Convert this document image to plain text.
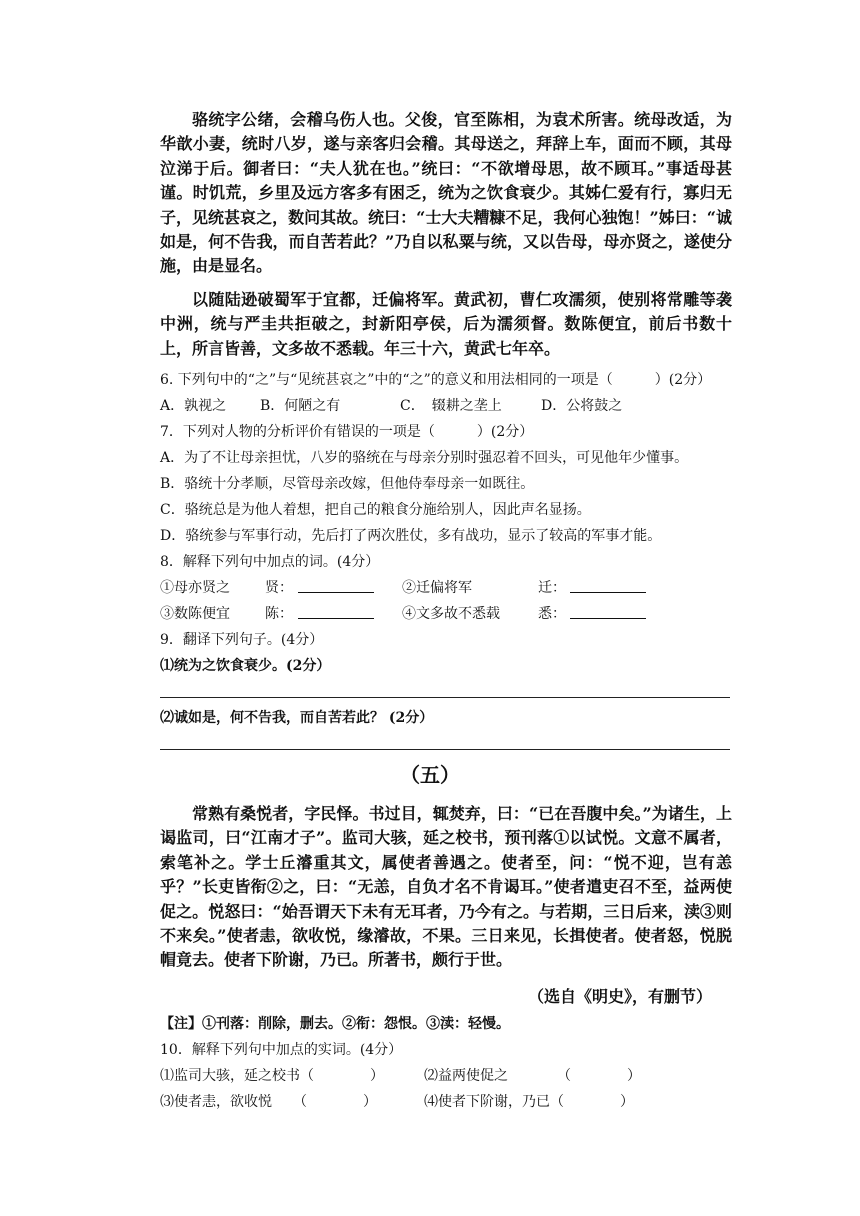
骆统字公绪，会稽乌伤人也。父俊，官至陈相，为袁术所害。统母改适，为华歆小妻，统时八岁，遂与亲客归会稽。其母送之，拜辞上车，面而不顾，其母泣涕于后。御者曰：“夫人犹在也。”统曰：“不欲增母思，故不顾耳。”事适母甚谨。时饥荒，乡里及远方客多有困乏，统为之饮食衰少。其姊仁爱有行，寡归无子，见统甚哀之，数问其故。统曰：“士大夫糟糠不足，我何心独饱！”姊曰：“诚如是，何不告我，而自苦若此？”乃自以私粟与统，又以告母，母亦贤之，遂使分施，由是显名。

以随陆逊破蜀军于宜都，迁偏将军。黄武初，曹仁攻濡须，使别将常雕等袭中洲，统与严圭共拒破之，封新阳亭侯，后为濡须督。数陈便宜，前后书数十上，所言皆善，文多故不悉载。年三十六，黄武七年卒。

6. 下列句中的“之”与“见统甚哀之”中的“之”的意义和用法相同的一项是（　　　）(2分）

A．孰视之 B．何陋之有	C．　辍耕之垄上	D．公将鼓之

7．下列对人物的分析评价有错误的一项是（　　　）(2分）

A．为了不让母亲担忧，八岁的骆统在与母亲分别时强忍着不回头，可见他年少懂事。

B．骆统十分孝顺，尽管母亲改嫁，但他侍奉母亲一如既往。

C．骆统总是为他人着想，把自己的粮食分施给别人，因此声名显扬。

D．骆统参与军事行动，先后打了两次胜仗，多有战功，显示了较高的军事才能。

8．解释下列句中加点的词。(4分）

①母亦贤之	贤：	②迁偏将军	迁：
③数陈便宜	陈：	④文多故不悉载	悉：

9．翻译下列句子。(4分）

⑴统为之饮食衰少。(2分）

⑵诚如是，何不告我，而自苦若此？ (2分）

（五）

常熟有桑悦者，字民怿。书过目，辄焚弃，曰：“已在吾腹中矣。”为诸生，上谒监司，曰“江南才子”。监司大骇，延之校书，预刊落①以试悦。文意不属者，索笔补之。学士丘濬重其文，属使者善遇之。使者至，问：“悦不迎，岂有恙乎？”长吏皆衔②之，曰：“无恙，自负才名不肯谒耳。”使者遣吏召不至，益两使促之。悦怒曰：“始吾谓天下未有无耳者，乃今有之。与若期，三日后来，渎③则不来矣。”使者恚，欲收悦，缘濬故，不果。三日来见，长揖使者。使者怒，悦脱帽竟去。使者下阶谢，乃已。所著书，颇行于世。

（选自《明史》，有删节）

【注】①刊落：削除，删去。②衔：怨恨。③渎：轻慢。

10．解释下列句中加点的实词。(4分）

⑴监司大骇，延之校书（　　　　）	⑵益两使促之　　　　（　　　　）
⑶使者恚，欲收悦　　（　　　　）	⑷使者下阶谢，乃已（　　　　）
